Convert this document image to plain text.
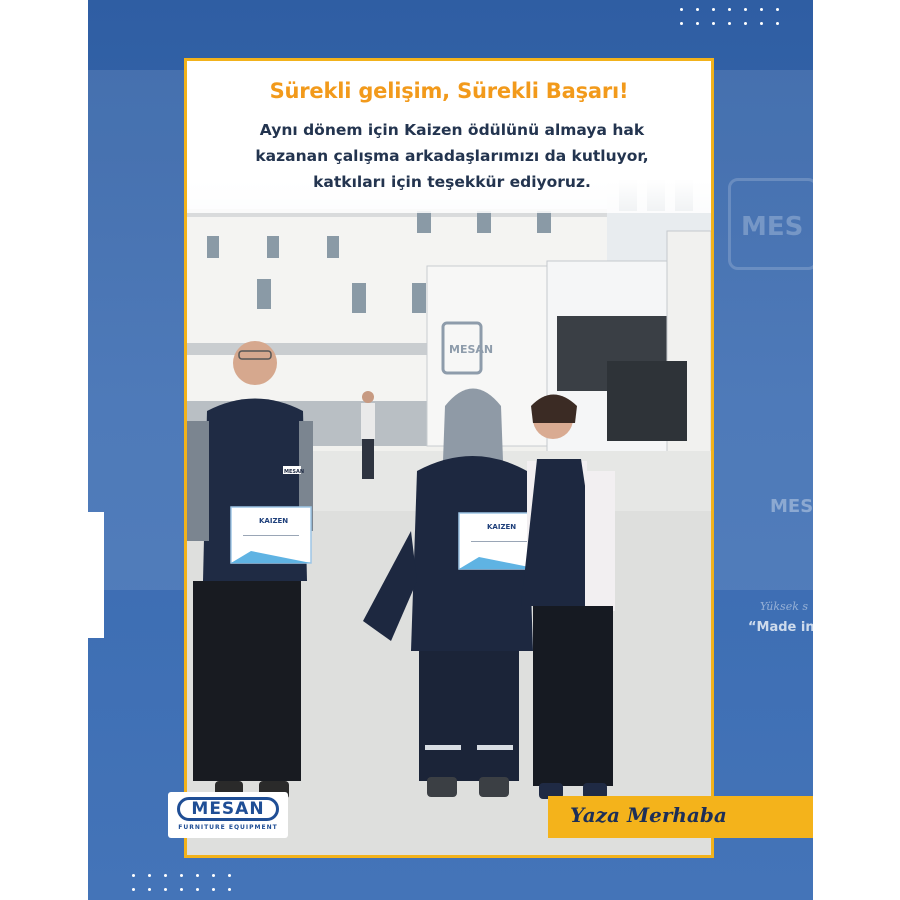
MES
MES
Yüksek s
“Made in
MESAN
MESAN
KAIZEN
KAIZEN
Sürekli gelişim, Sürekli Başarı!
Aynı dönem için Kaizen ödülünü almaya hak
kazanan çalışma arkadaşlarımızı da kutluyor,
katkıları için teşekkür ediyoruz.
MESAN
FURNITURE EQUIPMENT
Yaza Merhaba
